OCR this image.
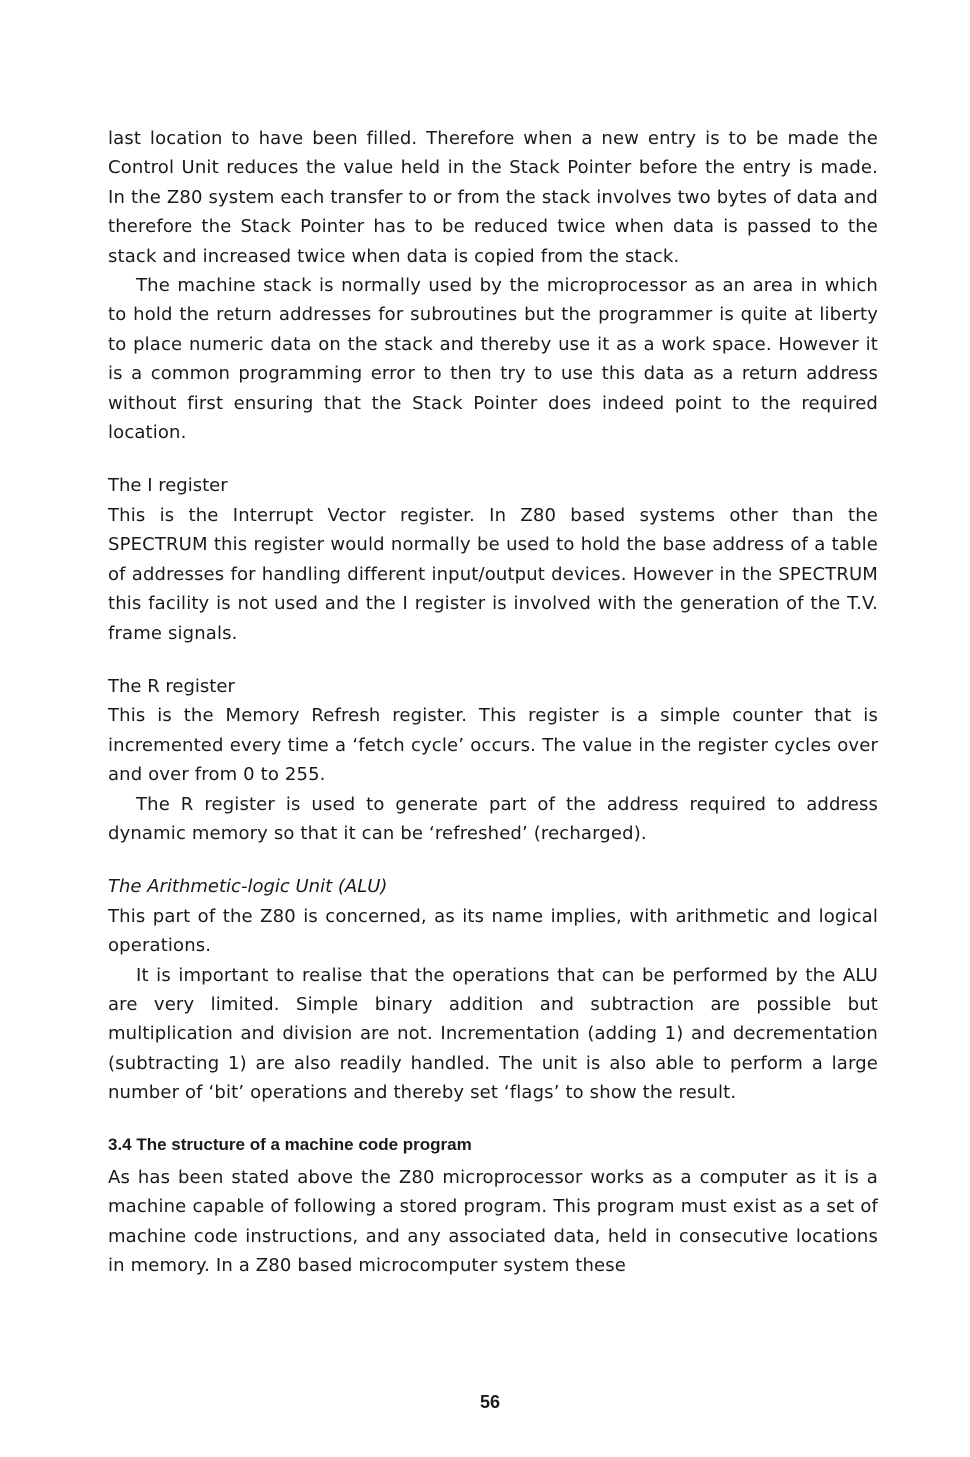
last location to have been filled. Therefore when a new entry is to be made the Control Unit reduces the value held in the Stack Pointer before the entry is made. In the Z80 system each transfer to or from the stack involves two bytes of data and therefore the Stack Pointer has to be reduced twice when data is passed to the stack and increased twice when data is copied from the stack.

The machine stack is normally used by the microprocessor as an area in which to hold the return addresses for subroutines but the programmer is quite at liberty to place numeric data on the stack and thereby use it as a work space. However it is a common programming error to then try to use this data as a return address without first ensuring that the Stack Pointer does indeed point to the required location.

The I register

This is the Interrupt Vector register. In Z80 based systems other than the SPECTRUM this register would normally be used to hold the base address of a table of addresses for handling different input/output devices. However in the SPECTRUM this facility is not used and the I register is involved with the generation of the T.V. frame signals.

The R register

This is the Memory Refresh register. This register is a simple counter that is incremented every time a ‘fetch cycle’ occurs. The value in the register cycles over and over from 0 to 255.

The R register is used to generate part of the address required to address dynamic memory so that it can be ‘refreshed’ (recharged).

The Arithmetic-logic Unit (ALU)

This part of the Z80 is concerned, as its name implies, with arithmetic and logical operations.

It is important to realise that the operations that can be performed by the ALU are very limited. Simple binary addition and subtraction are possible but multiplication and division are not. Incrementation (adding 1) and decrementation (subtracting 1) are also readily handled. The unit is also able to perform a large number of ‘bit’ operations and thereby set ‘flags’ to show the result.

3.4 The structure of a machine code program

As has been stated above the Z80 microprocessor works as a computer as it is a machine capable of following a stored program. This program must exist as a set of machine code instructions, and any associated data, held in consecutive locations in memory. In a Z80 based microcomputer system these

56
